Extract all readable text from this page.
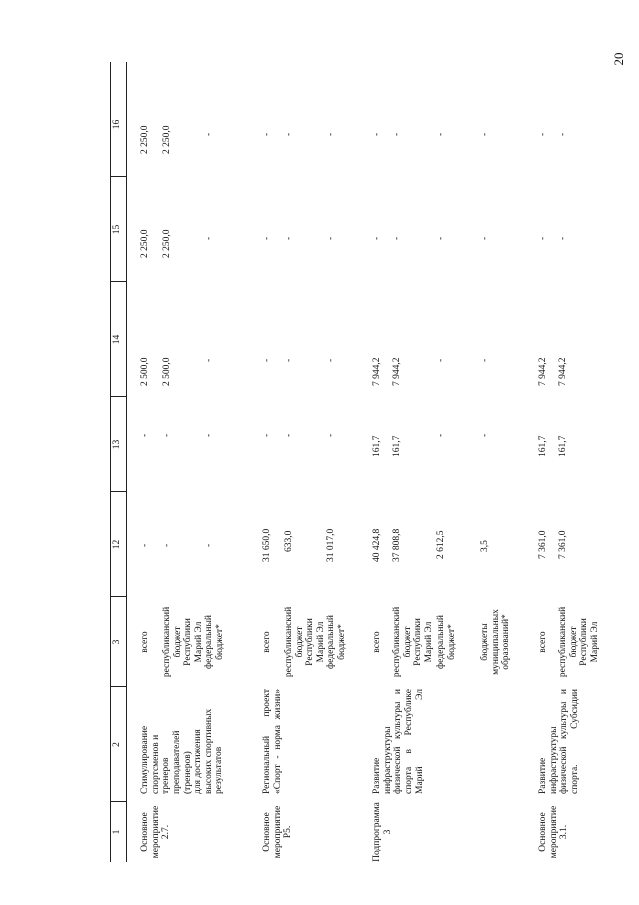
20
1
2
3
12
13
14
15
16
Основное
мероприятие
2.7.
Стимулирование
спортсменов и
тренеров
преподавателей
(тренеров)
для достижения
высоких спортивных
результатов
всего
-
-
2 500,0
2 250,0
2 250,0
республиканский
бюджет Республики
Марий Эл
-
-
2 500,0
2 250,0
2 250,0
федеральный
бюджет*
-
-
-
-
-
Основное
мероприятие
Р5.
Региональный проект «Спорт - норма жизни»
всего
31 650,0
-
-
-
-
республиканский
бюджет Республики
Марий Эл
633,0
-
-
-
-
федеральный
бюджет*
31 017,0
-
-
-
-
Подпрограмма
3
Развитие
инфраструктуры
физической культуры и спорта в Республике Марий Эл
всего
40 424,8
161,7
7 944,2
-
-
республиканский
бюджет Республики
Марий Эл
37 808,8
161,7
7 944,2
-
-
федеральный
бюджет*
2 612,5
-
-
-
-
бюджеты
муниципальных
образований*
3,5
-
-
-
-
Основное
мероприятие
3.1.
Развитие
инфраструктуры
физической культуры и спорта. Субсидии
всего
7 361,0
161,7
7 944,2
-
-
республиканский
бюджет Республики
Марий Эл
7 361,0
161,7
7 944,2
-
-
